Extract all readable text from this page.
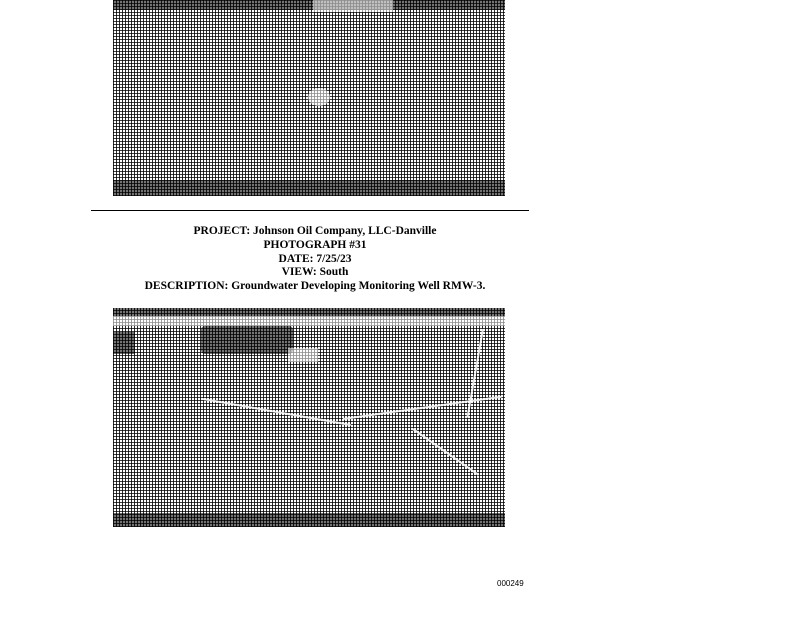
PROJECT: Johnson Oil Company, LLC-Danville
PHOTOGRAPH #31
DATE: 7/25/23
VIEW: South
DESCRIPTION: Groundwater Developing Monitoring Well RMW-3.
000249
